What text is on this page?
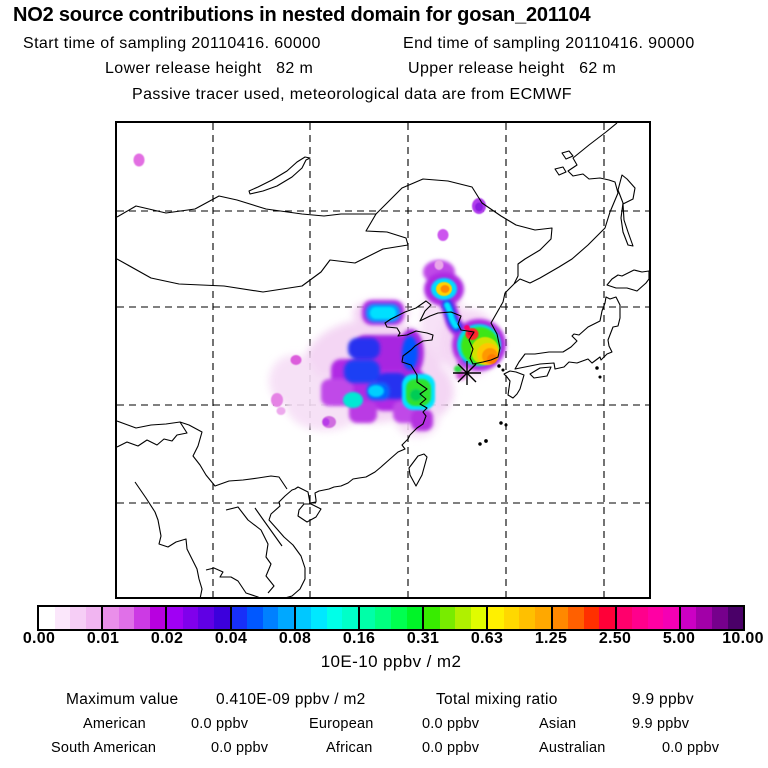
NO2 source contributions in nested domain for gosan_201104
Start time of sampling 20110416. 60000	End time of sampling 20110416. 90000
Lower release height   82 m	Upper release height   62 m
Passive tracer used, meteorological data are from ECMWF
0.00 0.01 0.02 0.04 0.08 0.16 0.31 0.63 1.25 2.50 5.00 10.00
10E-10 ppbv / m2
Maximum value 0.410E-09 ppbv / m2	Total mixing ratio	9.9 ppbv
American	0.0 ppbv	European	0.0 ppbv	Asian	9.9 ppbv
South American	0.0 ppbv	African	0.0 ppbv	Australian	0.0 ppbv
